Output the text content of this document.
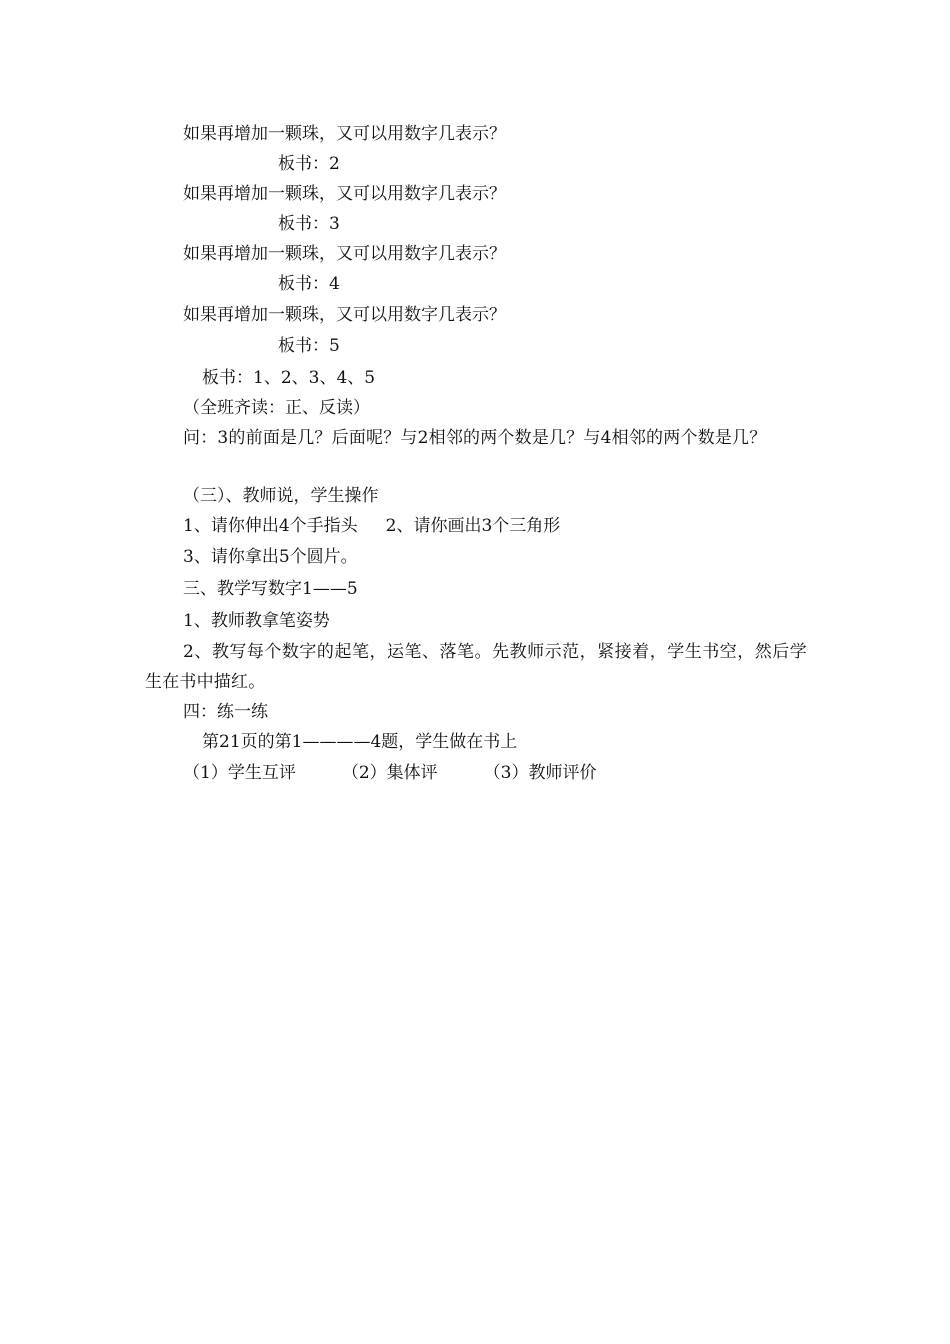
如果再增加一颗珠，又可以用数字几表示？
板书：2
如果再增加一颗珠，又可以用数字几表示？
板书：3
如果再增加一颗珠，又可以用数字几表示？
板书：4
如果再增加一颗珠，又可以用数字几表示？
板书：5
板书：1、2、3、4、5
（全班齐读：正、反读）
问：3的前面是几？后面呢？与2相邻的两个数是几？与4相邻的两个数是几？
（三）、教师说，学生操作
1、请你伸出4个手指头 2、请你画出3个三角形
3、请你拿出5个圆片。
三、教学写数字1——5
1、教师教拿笔姿势
2、教写每个数字的起笔，运笔、落笔。先教师示范，紧接着，学生书空，然后学生在书中描红。
四：练一练
第21页的第1————4题，学生做在书上
（1）学生互评	（2）集体评	（3）教师评价
